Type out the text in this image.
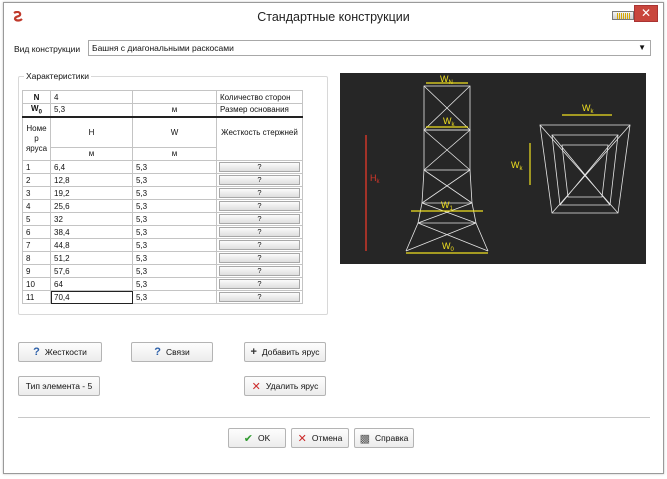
Стандартные конструкции	✕
Вид конструкции	Башня с диагональными раскосами	▼
Характеристики
N	4		Количество сторон
$W_0$	5,3	м	Размер основания
Номе р яруса	H	W	Жесткость стержней
	м	м	
1	6,4	5,3	?

2	12,8	5,3	?

3	19,2	5,3	?

4	25,6	5,3	?

5	32	5,3	?

6	38,4	5,3	?

7	44,8	5,3	?

8	51,2	5,3	?

9	57,6	5,3	?

10	64	5,3	?

11	70,4	5,3	?
? Жесткости	? Связи	+ Добавить ярус
Тип элемента - 5	✕ Удалить ярус
$W_N$
$W_k$
$W_1$
$W_0$
$W_k$
$W_k$
$H_k$
✔ OK ✕ Отмена ▩ Справка
